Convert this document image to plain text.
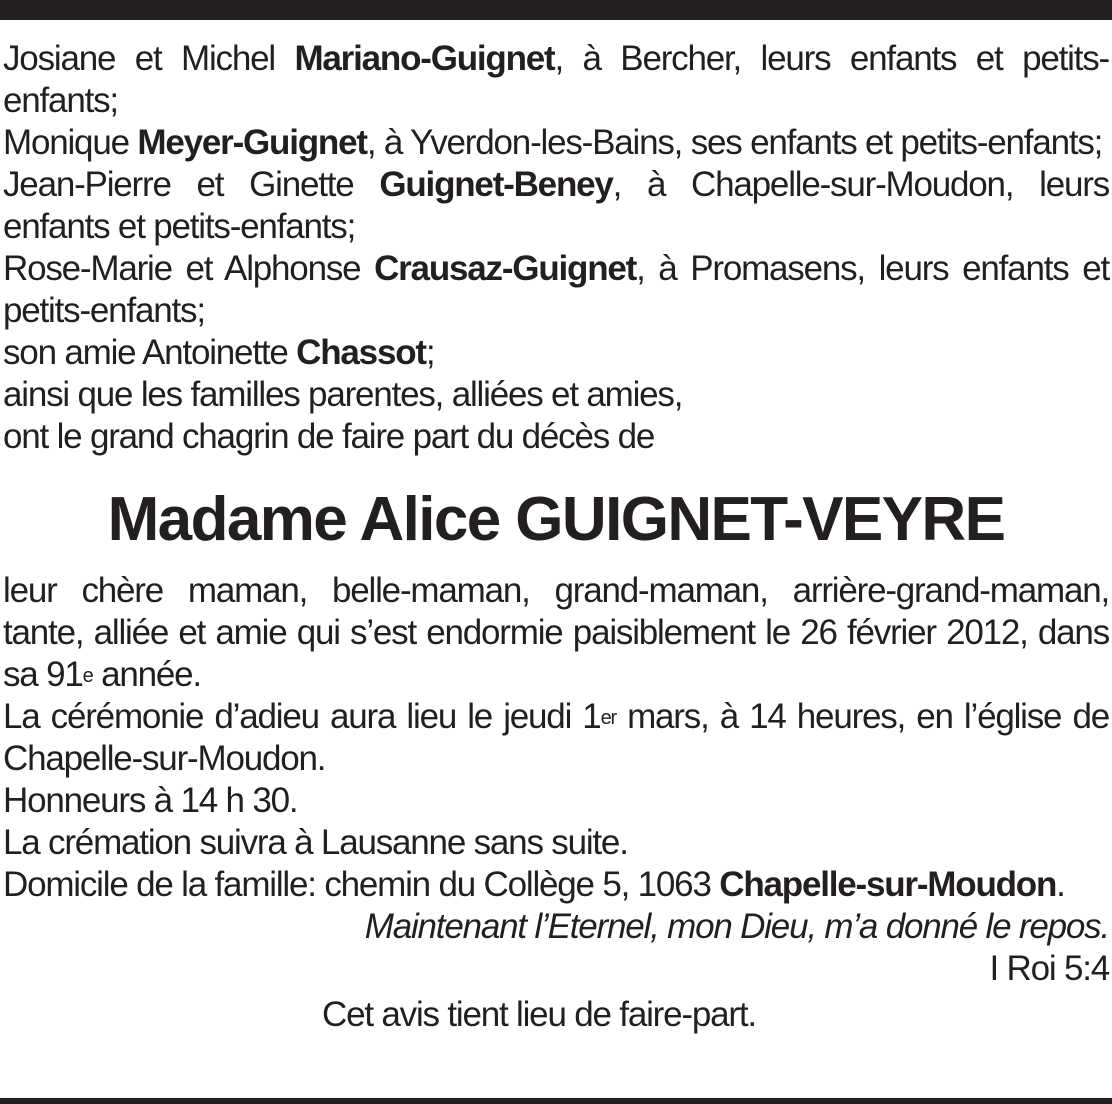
Josiane et Michel Mariano-Guignet, à Bercher, leurs enfants et petits-enfants;

Monique Meyer-Guignet, à Yverdon-les-Bains, ses enfants et petits-enfants;

Jean-Pierre et Ginette Guignet-Beney, à Chapelle-sur-Moudon, leurs enfants et petits-enfants;

Rose-Marie et Alphonse Crausaz-Guignet, à Promasens, leurs enfants et petits-enfants;

son amie Antoinette Chassot;

ainsi que les familles parentes, alliées et amies,

ont le grand chagrin de faire part du décès de

Madame Alice GUIGNET-VEYRE

leur chère maman, belle-maman, grand-maman, arrière-grand-maman, tante, alliée et amie qui s’est endormie paisiblement le 26 février 2012, dans sa 91e année.

La cérémonie d’adieu aura lieu le jeudi 1er mars, à 14 heures, en l’église de Chapelle-sur-Moudon.

Honneurs à 14 h 30.

La crémation suivra à Lausanne sans suite.

Domicile de la famille: chemin du Collège 5, 1063 Chapelle-sur-Moudon.

Maintenant l’Eternel, mon Dieu, m’a donné le repos.

I Roi 5:4

Cet avis tient lieu de faire-part.
